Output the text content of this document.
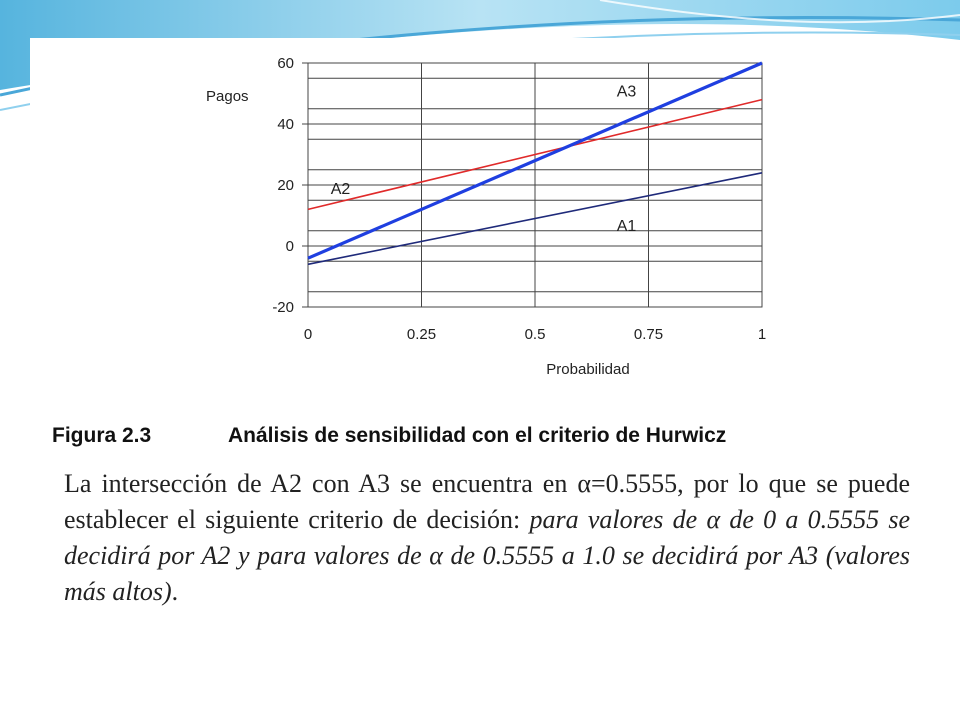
A1
A2
A3
60
40
20
0
-20
0	0.25	0.5	0.75	1
Pagos
Probabilidad
Figura 2.3	Análisis de sensibilidad con el criterio de Hurwicz
La intersección de A2 con A3 se encuentra en α=0.5555, por lo que se puede establecer el siguiente criterio de decisión: para valores de α de 0 a 0.5555 se decidirá por A2 y para valores de α de 0.5555 a 1.0 se decidirá por A3 (valores más altos).
